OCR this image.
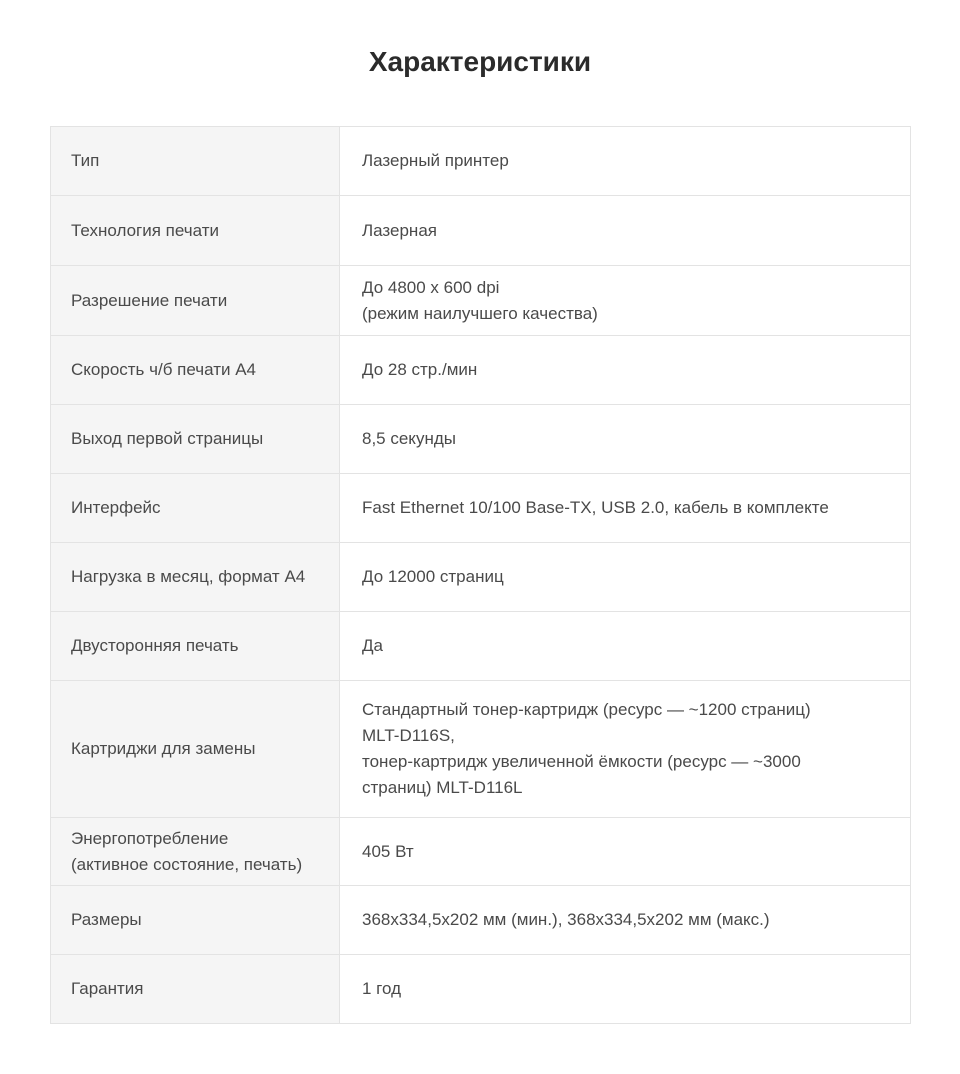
Характеристики
Тип	Лазерный принтер

Технология печати	Лазерная

Разрешение печати	До 4800 x 600 dpi
(режим наилучшего качества)

Скорость ч/б печати А4	До 28 стр./мин

Выход первой страницы	8,5 секунды

Интерфейс	Fast Ethernet 10/100 Base-TX, USB 2.0, кабель в комплекте

Нагрузка в месяц, формат А4	До 12000 страниц

Двусторонняя печать	Да

Картриджи для замены	Стандартный тонер-картридж (ресурс — ~1200 страниц)
MLT-D116S,
тонер-картридж увеличенной ёмкости (ресурс — ~3000
страниц) MLT-D116L

Энергопотребление
(активное состояние, печать)	405 Вт

Размеры	368x334,5x202 мм (мин.), 368x334,5x202 мм (макс.)

Гарантия	1 год
